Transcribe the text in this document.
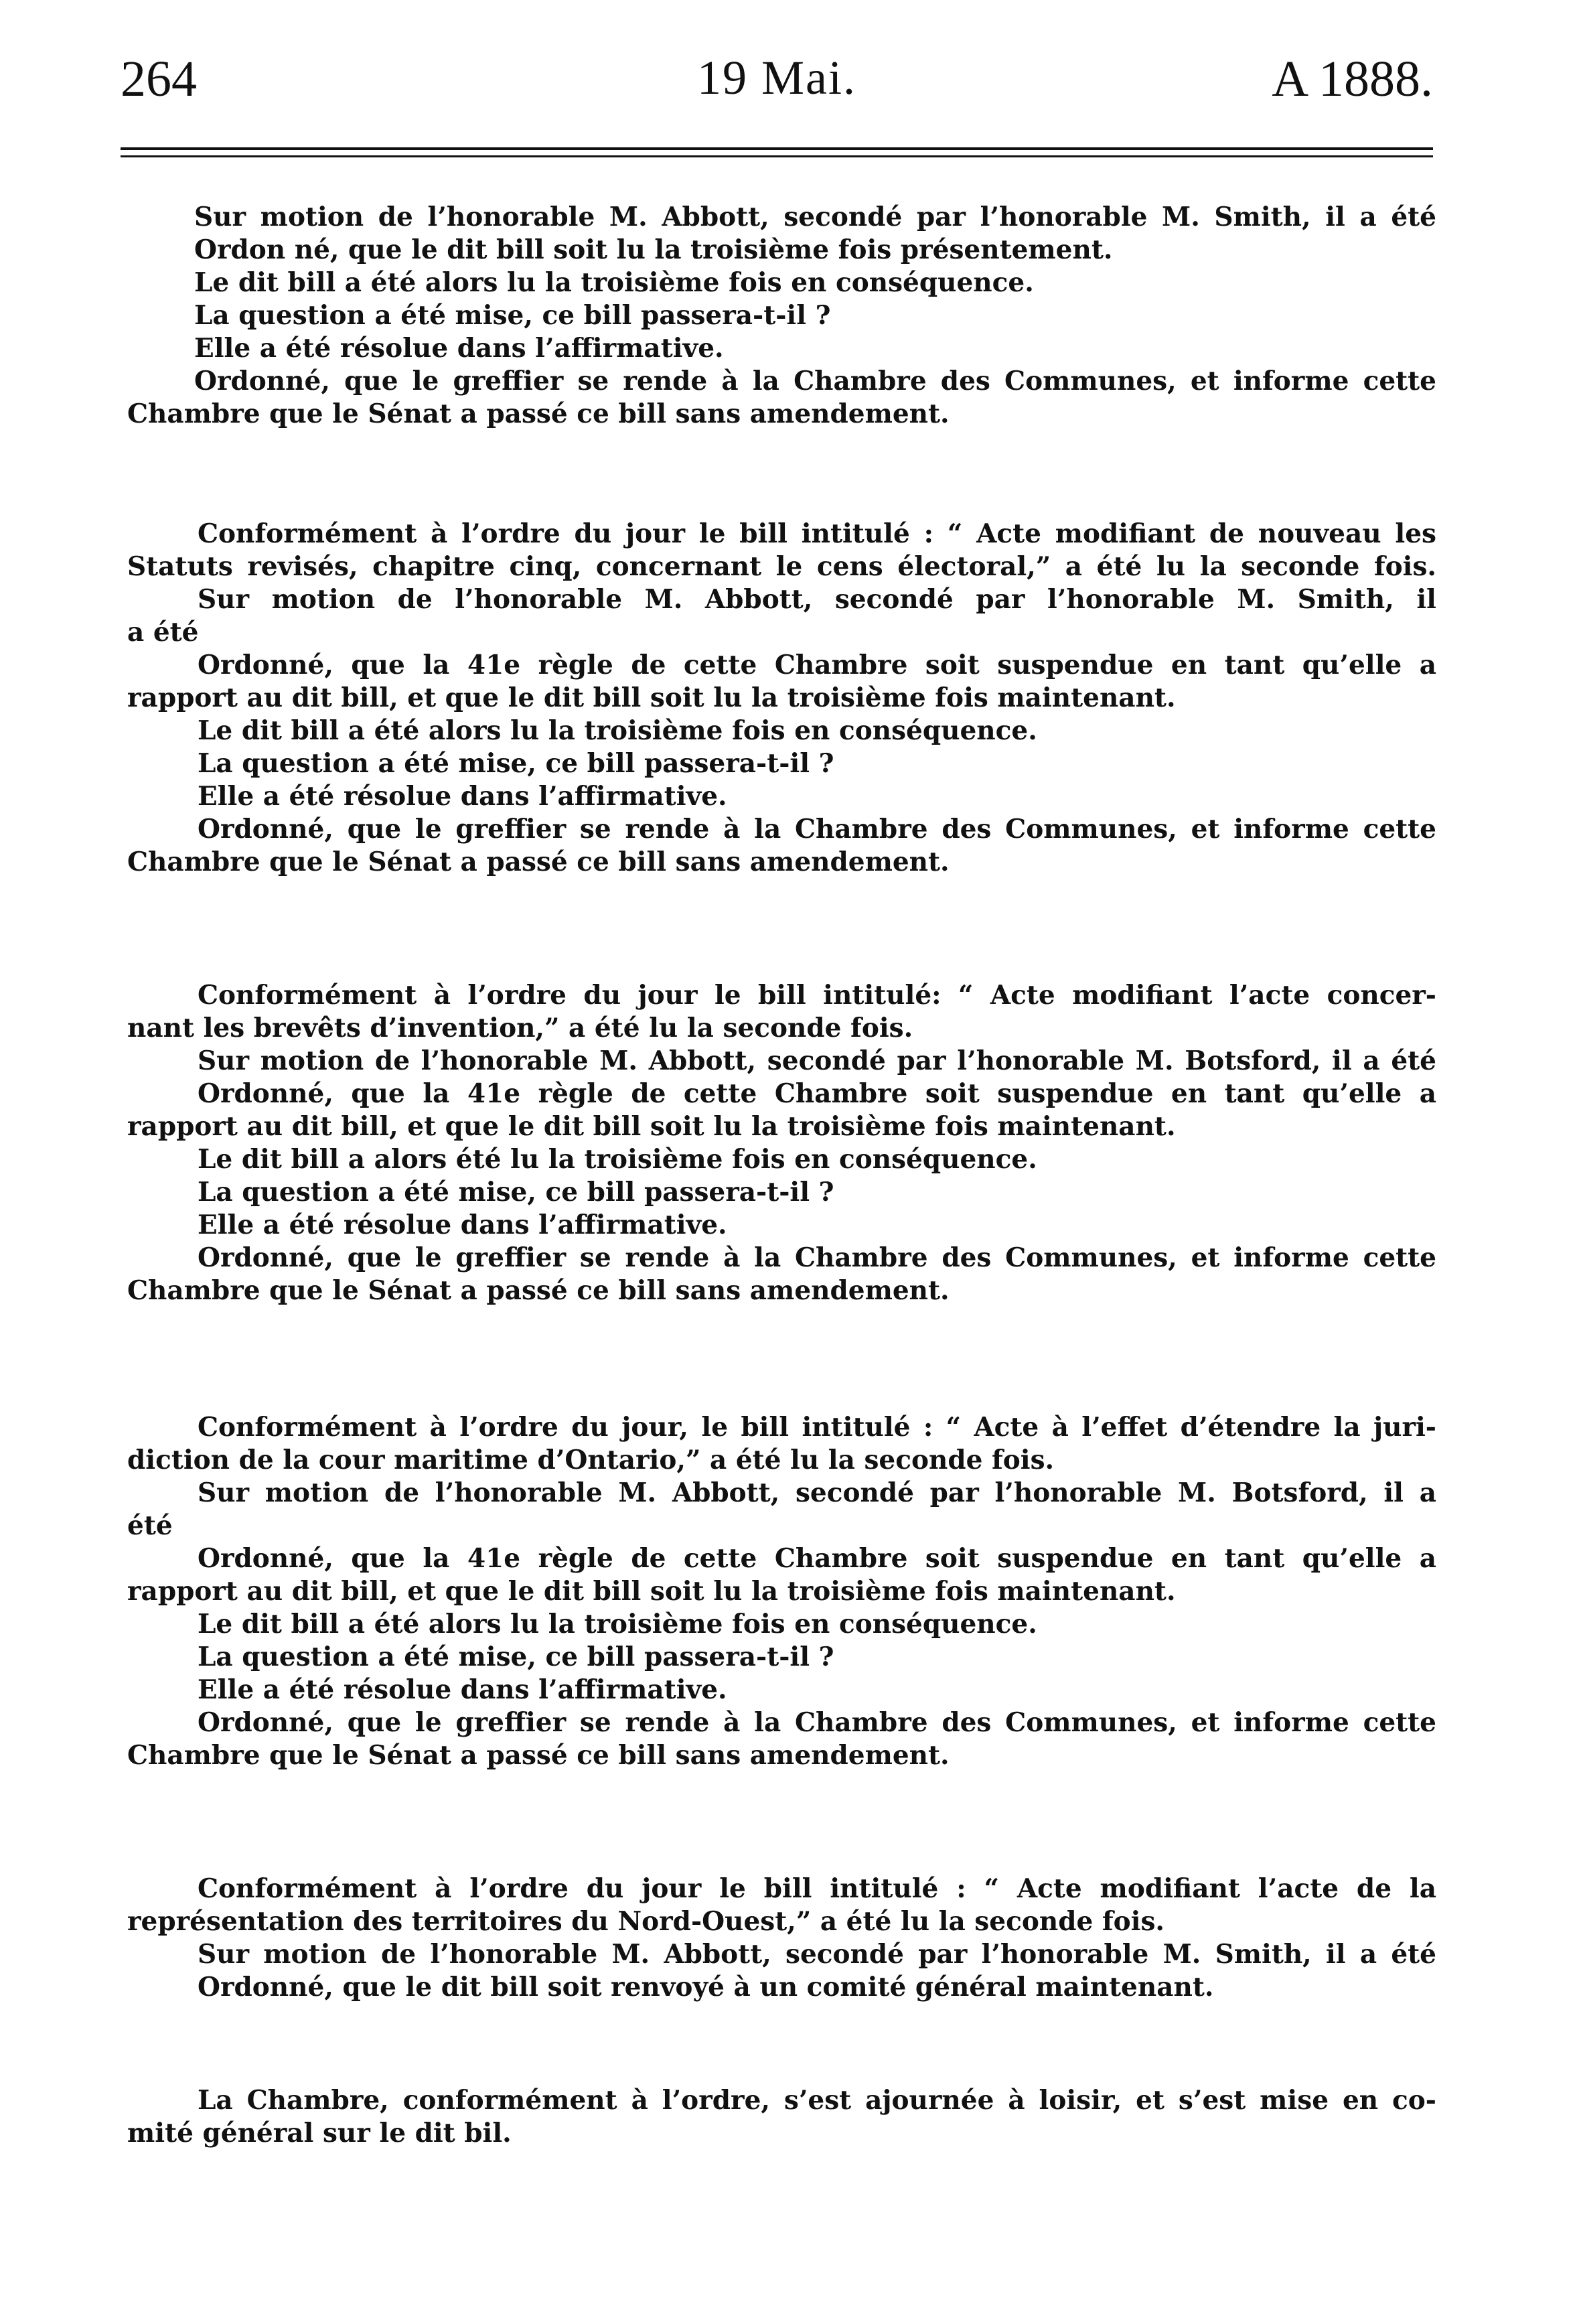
264	19 Mai.	A 1888.
Sur motion de l’honorable M. Abbott, secondé par l’honorable M. Smith, il a été
Ordon né, que le dit bill soit lu la troisième fois présentement.
Le dit bill a été alors lu la troisième fois en conséquence.
La question a été mise, ce bill passera-t-il ?
Elle a été résolue dans l’affirmative.
Ordonné, que le greffier se rende à la Chambre des Communes, et informe cette
Chambre que le Sénat a passé ce bill sans amendement.
Conformément à l’ordre du jour le bill intitulé : “ Acte modifiant de nouveau les
Statuts revisés, chapitre cinq, concernant le cens électoral,” a été lu la seconde fois.
Sur motion de l’honorable M. Abbott, secondé par l’honorable M. Smith, il
a été
Ordonné, que la 41e règle de cette Chambre soit suspendue en tant qu’elle a
rapport au dit bill, et que le dit bill soit lu la troisième fois maintenant.
Le dit bill a été alors lu la troisième fois en conséquence.
La question a été mise, ce bill passera-t-il ?
Elle a été résolue dans l’affirmative.
Ordonné, que le greffier se rende à la Chambre des Communes, et informe cette
Chambre que le Sénat a passé ce bill sans amendement.
Conformément à l’ordre du jour le bill intitulé: “ Acte modifiant l’acte concer-
nant les brevêts d’invention,” a été lu la seconde fois.
Sur motion de l’honorable M. Abbott, secondé par l’honorable M. Botsford, il a été
Ordonné, que la 41e règle de cette Chambre soit suspendue en tant qu’elle a
rapport au dit bill, et que le dit bill soit lu la troisième fois maintenant.
Le dit bill a alors été lu la troisième fois en conséquence.
La question a été mise, ce bill passera-t-il ?
Elle a été résolue dans l’affirmative.
Ordonné, que le greffier se rende à la Chambre des Communes, et informe cette
Chambre que le Sénat a passé ce bill sans amendement.
Conformément à l’ordre du jour, le bill intitulé : “ Acte à l’effet d’étendre la juri-
diction de la cour maritime d’Ontario,” a été lu la seconde fois.
Sur motion de l’honorable M. Abbott, secondé par l’honorable M. Botsford, il a
été
Ordonné, que la 41e règle de cette Chambre soit suspendue en tant qu’elle a
rapport au dit bill, et que le dit bill soit lu la troisième fois maintenant.
Le dit bill a été alors lu la troisième fois en conséquence.
La question a été mise, ce bill passera-t-il ?
Elle a été résolue dans l’affirmative.
Ordonné, que le greffier se rende à la Chambre des Communes, et informe cette
Chambre que le Sénat a passé ce bill sans amendement.
Conformément à l’ordre du jour le bill intitulé : “ Acte modifiant l’acte de la
représentation des territoires du Nord-Ouest,” a été lu la seconde fois.
Sur motion de l’honorable M. Abbott, secondé par l’honorable M. Smith, il a été
Ordonné, que le dit bill soit renvoyé à un comité général maintenant.
La Chambre, conformément à l’ordre, s’est ajournée à loisir, et s’est mise en co-
mité général sur le dit bil.
